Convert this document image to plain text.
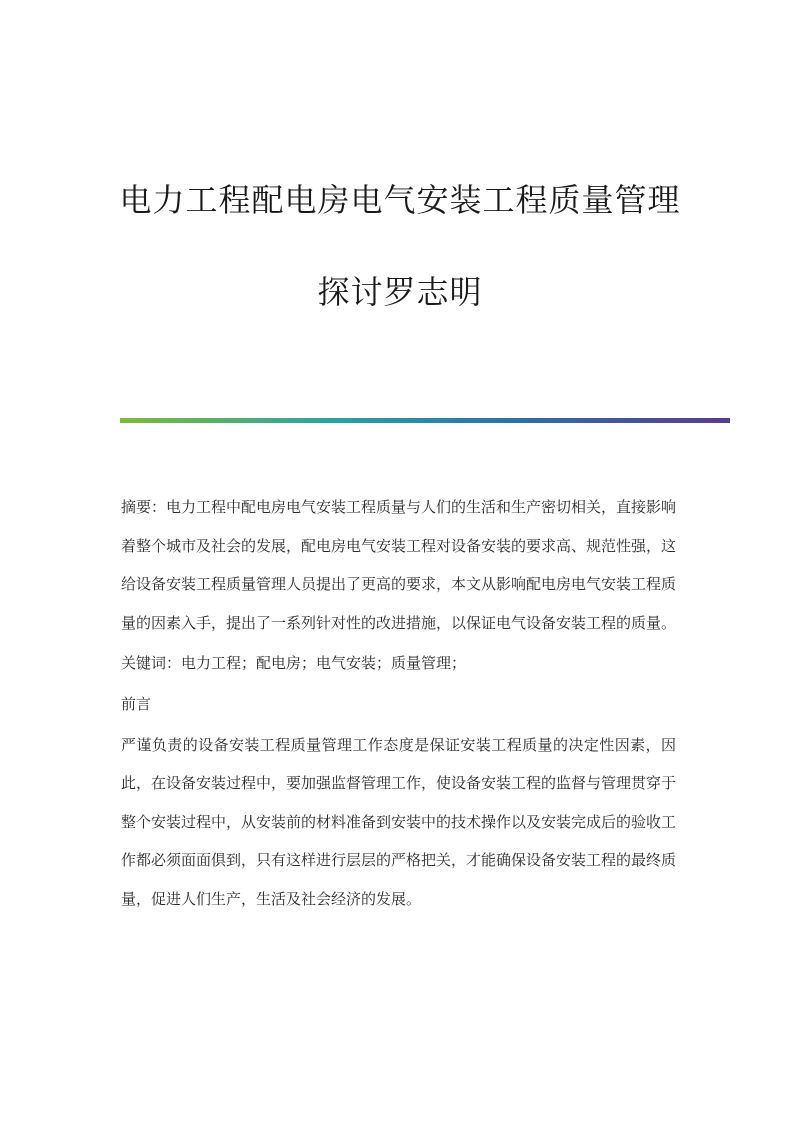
电力工程配电房电气安装工程质量管理
探讨罗志明

摘要：电力工程中配电房电气安装工程质量与人们的生活和生产密切相关，直接影响着整个城市及社会的发展，配电房电气安装工程对设备安装的要求高、规范性强，这给设备安装工程质量管理人员提出了更高的要求，本文从影响配电房电气安装工程质量的因素入手，提出了一系列针对性的改进措施，以保证电气设备安装工程的质量。

关键词：电力工程；配电房；电气安装；质量管理；

前言

严谨负责的设备安装工程质量管理工作态度是保证安装工程质量的决定性因素，因此，在设备安装过程中，要加强监督管理工作，使设备安装工程的监督与管理贯穿于整个安装过程中，从安装前的材料准备到安装中的技术操作以及安装完成后的验收工作都必须面面俱到，只有这样进行层层的严格把关，才能确保设备安装工程的最终质量，促进人们生产，生活及社会经济的发展。
